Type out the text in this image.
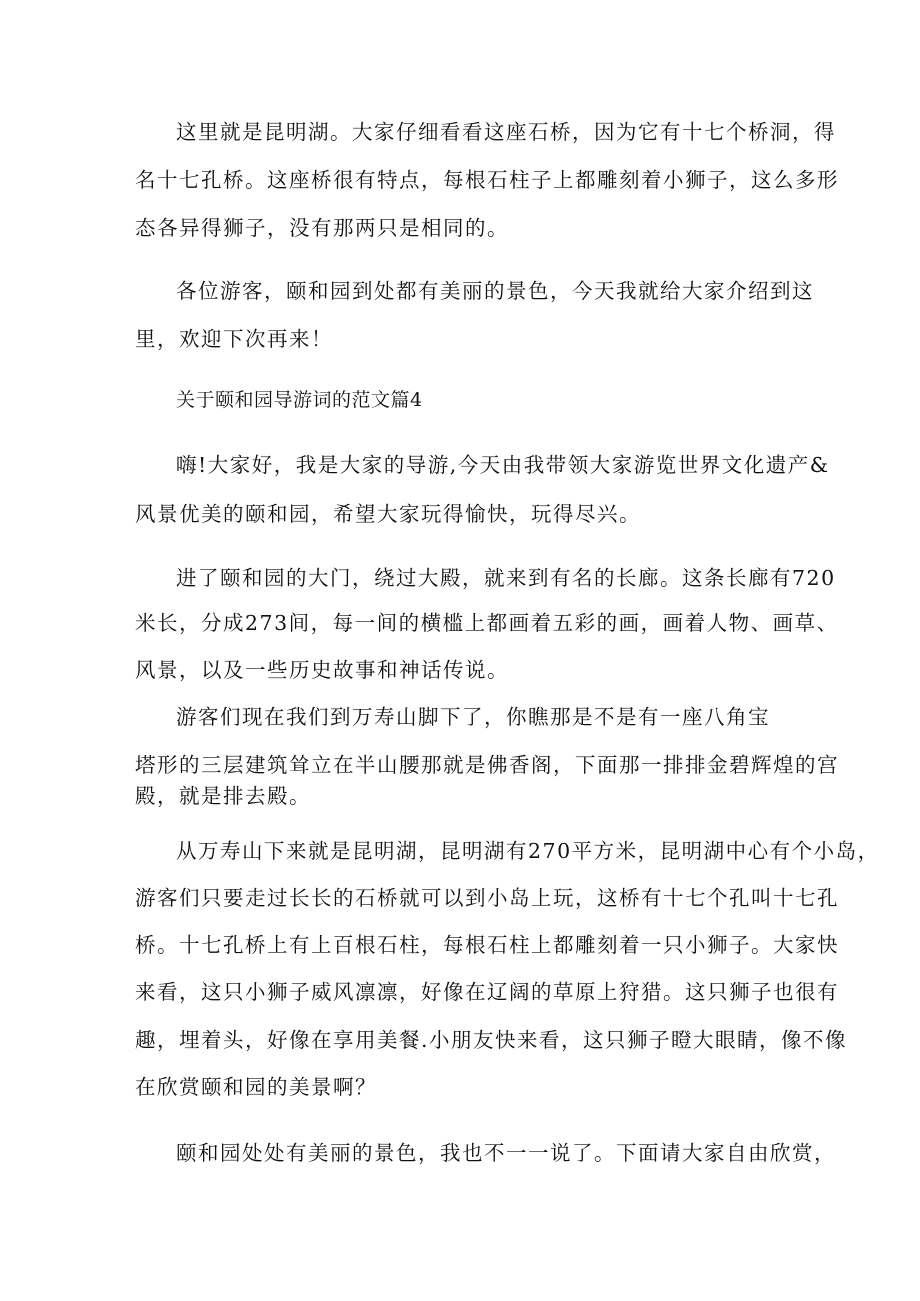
这里就是昆明湖。大家仔细看看这座石桥，因为它有十七个桥洞，得

名十七孔桥。这座桥很有特点，每根石柱子上都雕刻着小狮子，这么多形

态各异得狮子，没有那两只是相同的。

各位游客，颐和园到处都有美丽的景色，今天我就给大家介绍到这

里，欢迎下次再来！

关于颐和园导游词的范文篇4

嗨!大家好，我是大家的导游,今天由我带领大家游览世界文化遗产&

风景优美的颐和园，希望大家玩得愉快，玩得尽兴。

进了颐和园的大门，绕过大殿，就来到有名的长廊。这条长廊有720

米长，分成273间，每一间的横槛上都画着五彩的画，画着人物、画草、

风景，以及一些历史故事和神话传说。

游客们现在我们到万寿山脚下了，你瞧那是不是有一座八角宝

塔形的三层建筑耸立在半山腰那就是佛香阁，下面那一排排金碧辉煌的宫

殿，就是排去殿。

从万寿山下来就是昆明湖，昆明湖有270平方米，昆明湖中心有个小岛，

游客们只要走过长长的石桥就可以到小岛上玩，这桥有十七个孔叫十七孔

桥。十七孔桥上有上百根石柱，每根石柱上都雕刻着一只小狮子。大家快

来看，这只小狮子威风凛凛，好像在辽阔的草原上狩猎。这只狮子也很有

趣，埋着头，好像在享用美餐.小朋友快来看，这只狮子瞪大眼睛，像不像

在欣赏颐和园的美景啊？

颐和园处处有美丽的景色，我也不一一说了。下面请大家自由欣赏，
